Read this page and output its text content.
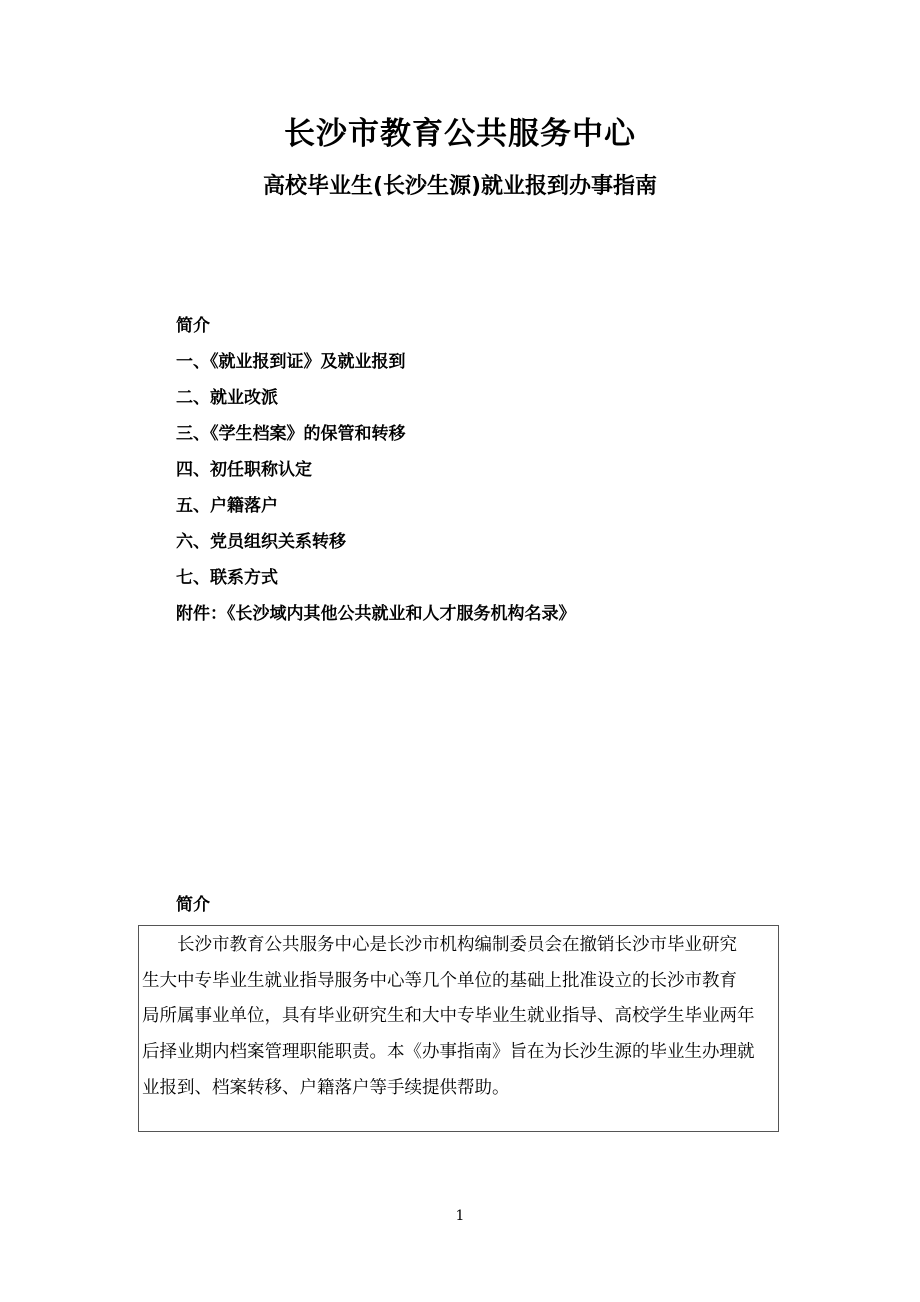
长沙市教育公共服务中心
高校毕业生(长沙生源)就业报到办事指南
简介
一、《就业报到证》及就业报到
二、就业改派
三、《学生档案》的保管和转移
四、初任职称认定
五、户籍落户
六、党员组织关系转移
七、联系方式
附件：《长沙域内其他公共就业和人才服务机构名录》
简介
长沙市教育公共服务中心是长沙市机构编制委员会在撤销长沙市毕业研究
生大中专毕业生就业指导服务中心等几个单位的基础上批准设立的长沙市教育
局所属事业单位，具有毕业研究生和大中专毕业生就业指导、高校学生毕业两年
后择业期内档案管理职能职责。本《办事指南》旨在为长沙生源的毕业生办理就
业报到、档案转移、户籍落户等手续提供帮助。
1
